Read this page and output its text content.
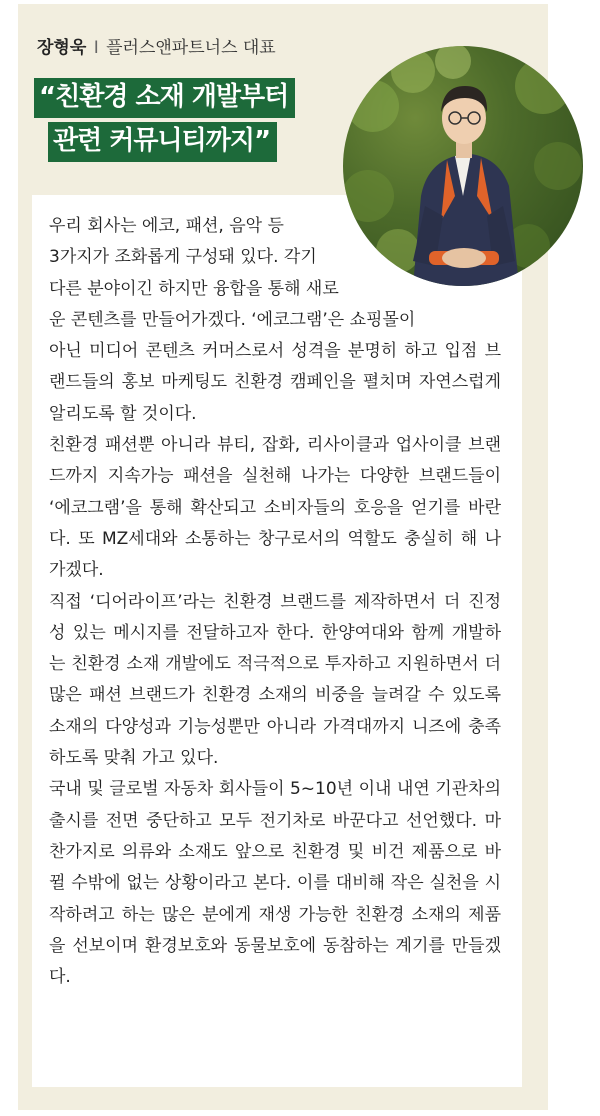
장형욱 I 플러스앤파트너스 대표
“친환경 소재 개발부터
관련 커뮤니티까지”

우리 회사는 에코, 패션, 음악 등

3가지가 조화롭게 구성돼 있다. 각기

다른 분야이긴 하지만 융합을 통해 새로

운 콘텐츠를 만들어가겠다. ‘에코그램’은 쇼핑몰이

아닌 미디어 콘텐츠 커머스로서 성격을 분명히 하고 입점 브랜드들의 홍보 마케팅도 친환경 캠페인을 펼치며 자연스럽게 알리도록 할 것이다.

친환경 패션뿐 아니라 뷰티, 잡화, 리사이클과 업사이클 브랜드까지 지속가능 패션을 실천해 나가는 다양한 브랜드들이 ‘에코그램’을 통해 확산되고 소비자들의 호응을 얻기를 바란다. 또 MZ세대와 소통하는 창구로서의 역할도 충실히 해 나가겠다.

직접 ‘디어라이프’라는 친환경 브랜드를 제작하면서 더 진정성 있는 메시지를 전달하고자 한다. 한양여대와 함께 개발하는 친환경 소재 개발에도 적극적으로 투자하고 지원하면서 더 많은 패션 브랜드가 친환경 소재의 비중을 늘려갈 수 있도록 소재의 다양성과 기능성뿐만 아니라 가격대까지 니즈에 충족하도록 맞춰 가고 있다.

국내 및 글로벌 자동차 회사들이 5~10년 이내 내연 기관차의 출시를 전면 중단하고 모두 전기차로 바꾼다고 선언했다. 마찬가지로 의류와 소재도 앞으로 친환경 및 비건 제품으로 바뀔 수밖에 없는 상황이라고 본다. 이를 대비해 작은 실천을 시작하려고 하는 많은 분에게 재생 가능한 친환경 소재의 제품을 선보이며 환경보호와 동물보호에 동참하는 계기를 만들겠다.
